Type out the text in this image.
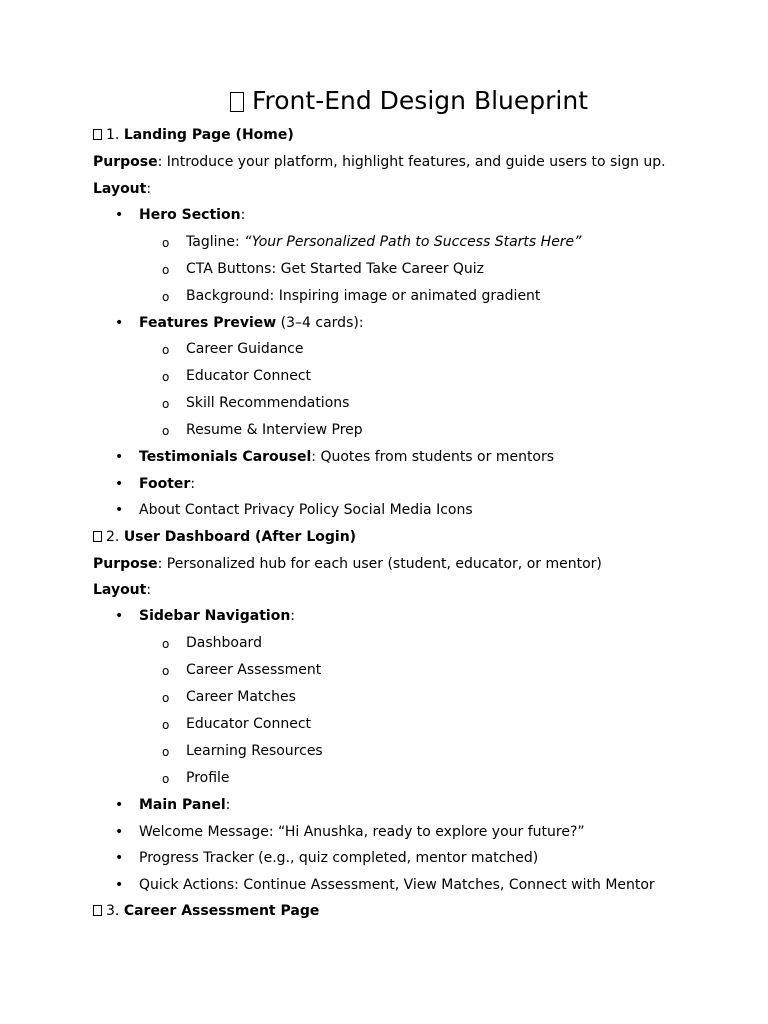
Front-End Design Blueprint
1. Landing Page (Home)
Purpose: Introduce your platform, highlight features, and guide users to sign up.
Layout:
• Hero Section:
o Tagline: “Your Personalized Path to Success Starts Here”
o CTA Buttons: Get Started Take Career Quiz
o Background: Inspiring image or animated gradient
• Features Preview (3–4 cards):
o Career Guidance
o Educator Connect
o Skill Recommendations
o Resume & Interview Prep
• Testimonials Carousel: Quotes from students or mentors
• Footer:
• About Contact Privacy Policy Social Media Icons
2. User Dashboard (After Login)
Purpose: Personalized hub for each user (student, educator, or mentor)
Layout:
• Sidebar Navigation:
o Dashboard
o Career Assessment
o Career Matches
o Educator Connect
o Learning Resources
o Profile
• Main Panel:
• Welcome Message: “Hi Anushka, ready to explore your future?”
• Progress Tracker (e.g., quiz completed, mentor matched)
• Quick Actions: Continue Assessment, View Matches, Connect with Mentor
3. Career Assessment Page
